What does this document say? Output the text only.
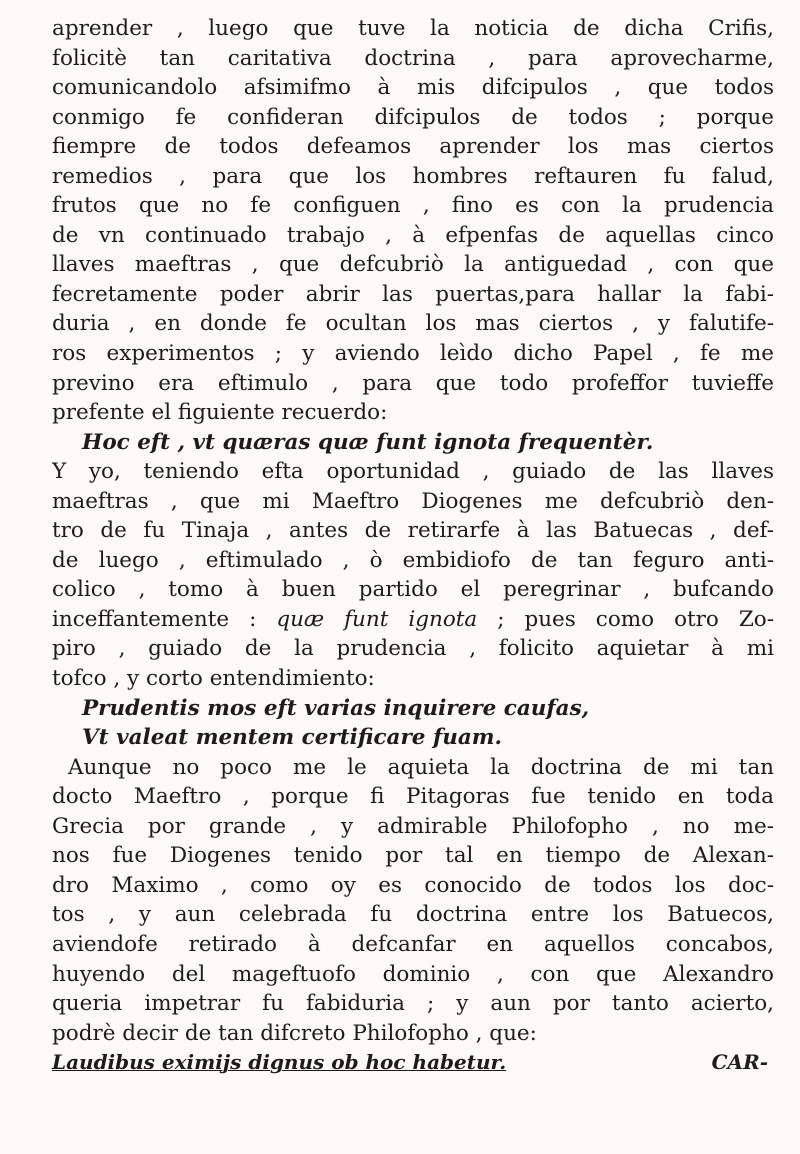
aprender , luego que tuve la noticia de dicha Crifis,
folicitè tan caritativa doctrina , para aprovecharme,
comunicandolo afsimifmo à mis difcipulos , que todos
conmigo fe confideran difcipulos de todos ; porque
fiempre de todos defeamos aprender los mas ciertos
remedios , para que los hombres reftauren fu falud,
frutos que no fe configuen , fino es con la prudencia
de vn continuado trabajo , à efpenfas de aquellas cinco
llaves maeftras , que defcubriò la antiguedad , con que
fecretamente poder abrir las puertas,para hallar la fabi-
duria , en donde fe ocultan los mas ciertos , y falutife-
ros experimentos ; y aviendo leìdo dicho Papel , fe me
previno era eftimulo , para que todo profeffor tuvieffe
prefente el figuiente recuerdo:
Hoc eft , vt quæras quæ funt ignota frequentèr.
Y yo, teniendo efta oportunidad , guiado de las llaves
maeftras , que mi Maeftro Diogenes me defcubriò den-
tro de fu Tinaja , antes de retirarfe à las Batuecas , def-
de luego , eftimulado , ò embidiofo de tan feguro anti-
colico , tomo à buen partido el peregrinar , bufcando
inceffantemente : quæ funt ignota ; pues como otro Zo-
piro , guiado de la prudencia , folicito aquietar à mi
tofco , y corto entendimiento:
Prudentis mos eft varias inquirere caufas,
Vt valeat mentem certificare fuam.
Aunque no poco me le aquieta la doctrina de mi tan
docto Maeftro , porque fi Pitagoras fue tenido en toda
Grecia por grande , y admirable Philofopho , no me-
nos fue Diogenes tenido por tal en tiempo de Alexan-
dro Maximo , como oy es conocido de todos los doc-
tos , y aun celebrada fu doctrina entre los Batuecos,
aviendofe retirado à defcanfar en aquellos concabos,
huyendo del mageftuofo dominio , con que Alexandro
queria impetrar fu fabiduria ; y aun por tanto acierto,
podrè decir de tan difcreto Philofopho , que:
Laudibus eximijs dignus ob hoc habetur.	CAR-
